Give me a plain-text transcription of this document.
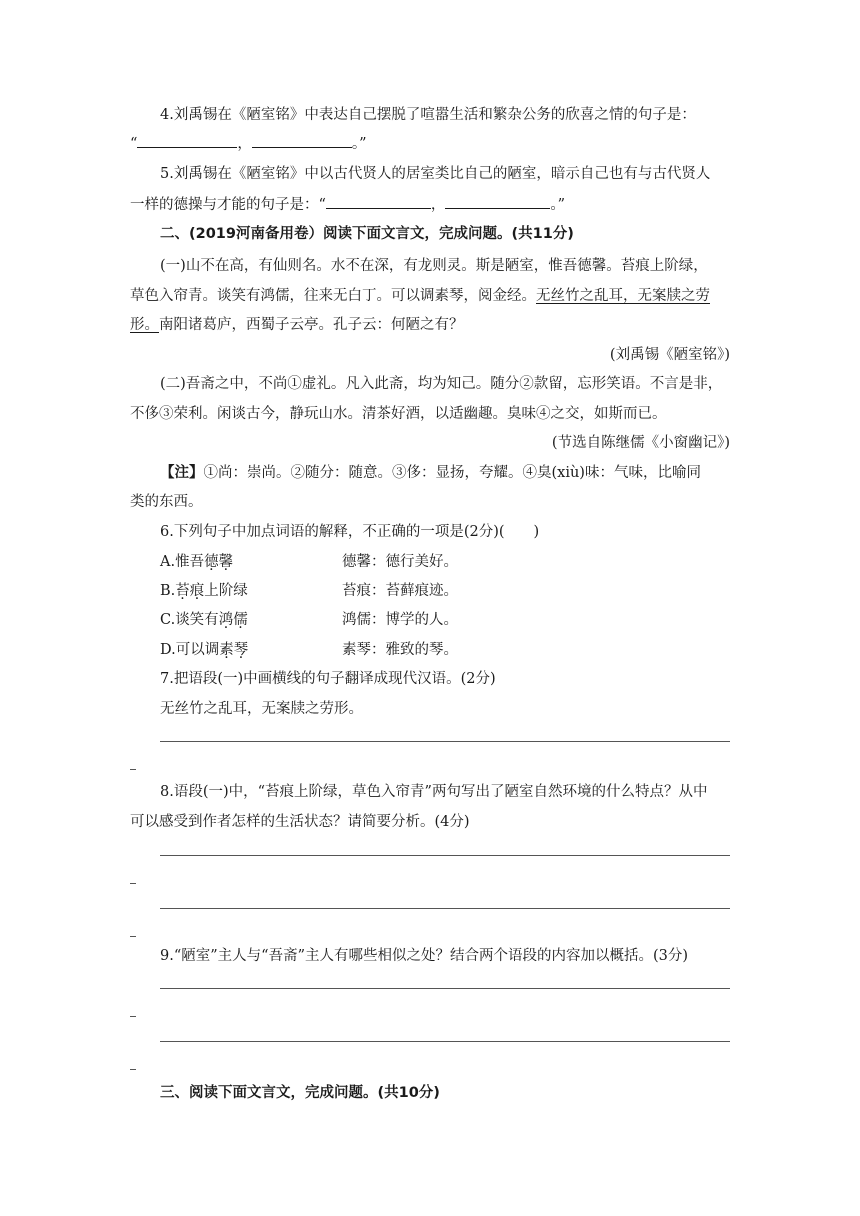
4.刘禹锡在《陋室铭》中表达自己摆脱了喧嚣生活和繁杂公务的欣喜之情的句子是：
“	，	。”
5.刘禹锡在《陋室铭》中以古代贤人的居室类比自己的陋室，暗示自己也有与古代贤人
一样的德操与才能的句子是：“	，	。”
二、(2019河南备用卷）阅读下面文言文，完成问题。(共11分)
(一)山不在高，有仙则名。水不在深，有龙则灵。斯是陋室，惟吾德馨。苔痕上阶绿，
草色入帘青。谈笑有鸿儒，往来无白丁。可以调素琴，阅金经。无丝竹之乱耳，无案牍之劳
形。南阳诸葛庐，西蜀子云亭。孔子云：何陋之有？
(刘禹锡《陋室铭》)
(二)吾斋之中，不尚①虚礼。凡入此斋，均为知己。随分②款留，忘形笑语。不言是非，
不侈③荣利。闲谈古今，静玩山水。清茶好酒，以适幽趣。臭味④之交，如斯而已。
(节选自陈继儒《小窗幽记》)
【注】①尚：崇尚。②随分：随意。③侈：显扬，夸耀。④臭(xiù)味：气味，比喻同
类的东西。
6.下列句子中加点词语的解释，不正确的一项是(2分)(　　)
A.惟吾德馨	德馨：德行美好。
B.苔痕上阶绿	苔痕：苔藓痕迹。
C.谈笑有鸿儒	鸿儒：博学的人。
D.可以调素琴	素琴：雅致的琴。
7.把语段(一)中画横线的句子翻译成现代汉语。(2分)
无丝竹之乱耳，无案牍之劳形。
8.语段(一)中，“苔痕上阶绿，草色入帘青”两句写出了陋室自然环境的什么特点？从中
可以感受到作者怎样的生活状态？请简要分析。(4分)
9.“陋室”主人与“吾斋”主人有哪些相似之处？结合两个语段的内容加以概括。(3分)
三、阅读下面文言文，完成问题。(共10分)
